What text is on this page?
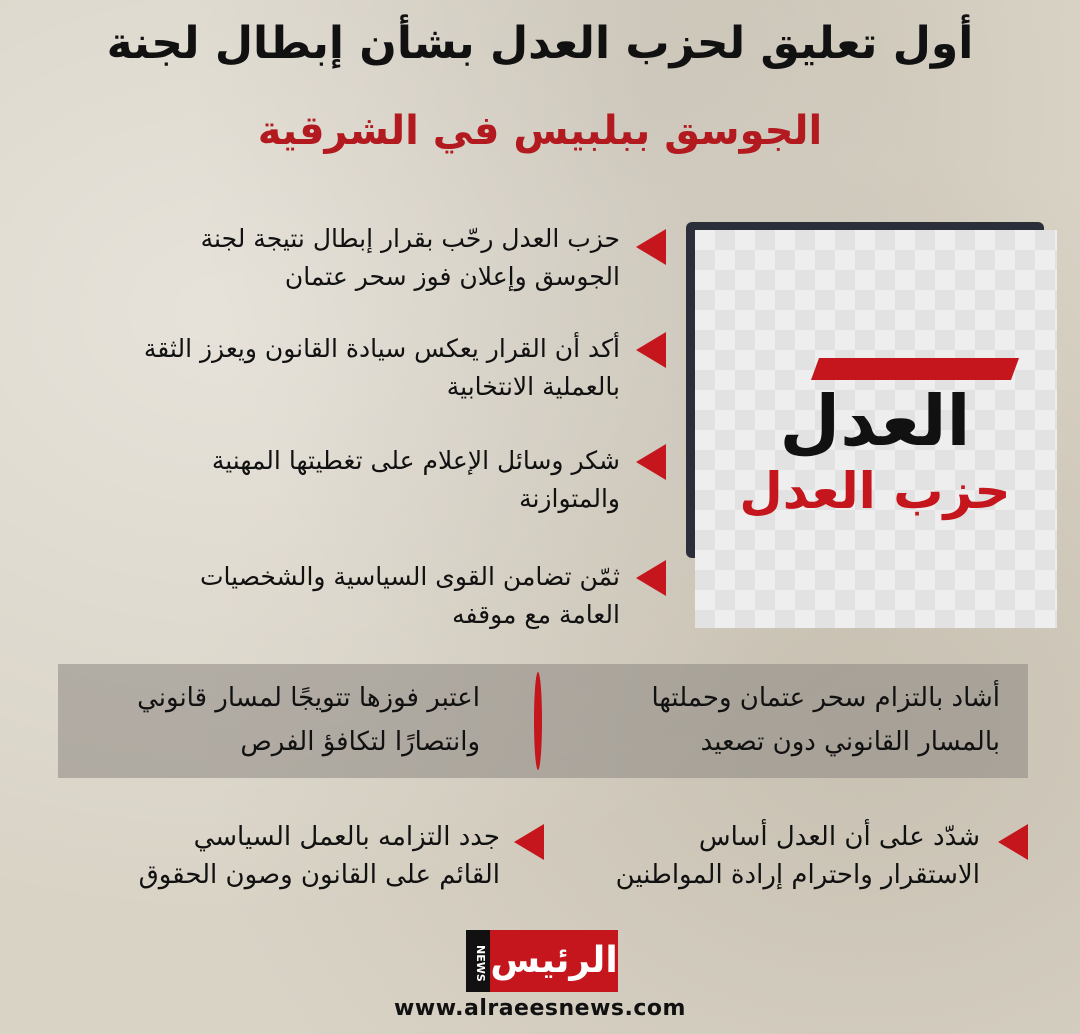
أول تعليق لحزب العدل بشأن إبطال لجنة
الجوسق ببلبيس في الشرقية
حزب العدل رحّب بقرار إبطال نتيجة لجنة
الجوسق وإعلان فوز سحر عتمان
أكد أن القرار يعكس سيادة القانون ويعزز الثقة
بالعملية الانتخابية
شكر وسائل الإعلام على تغطيتها المهنية
والمتوازنة
ثمّن تضامن القوى السياسية والشخصيات
العامة مع موقفه
العدل
حزب العدل
أشاد بالتزام سحر عتمان وحملتها
بالمسار القانوني دون تصعيد
اعتبر فوزها تتويجًا لمسار قانوني
وانتصارًا لتكافؤ الفرص
شدّد على أن العدل أساس
الاستقرار واحترام إرادة المواطنين
جدد التزامه بالعمل السياسي
القائم على القانون وصون الحقوق
NEWS الرئيس
www.alraeesnews.com
